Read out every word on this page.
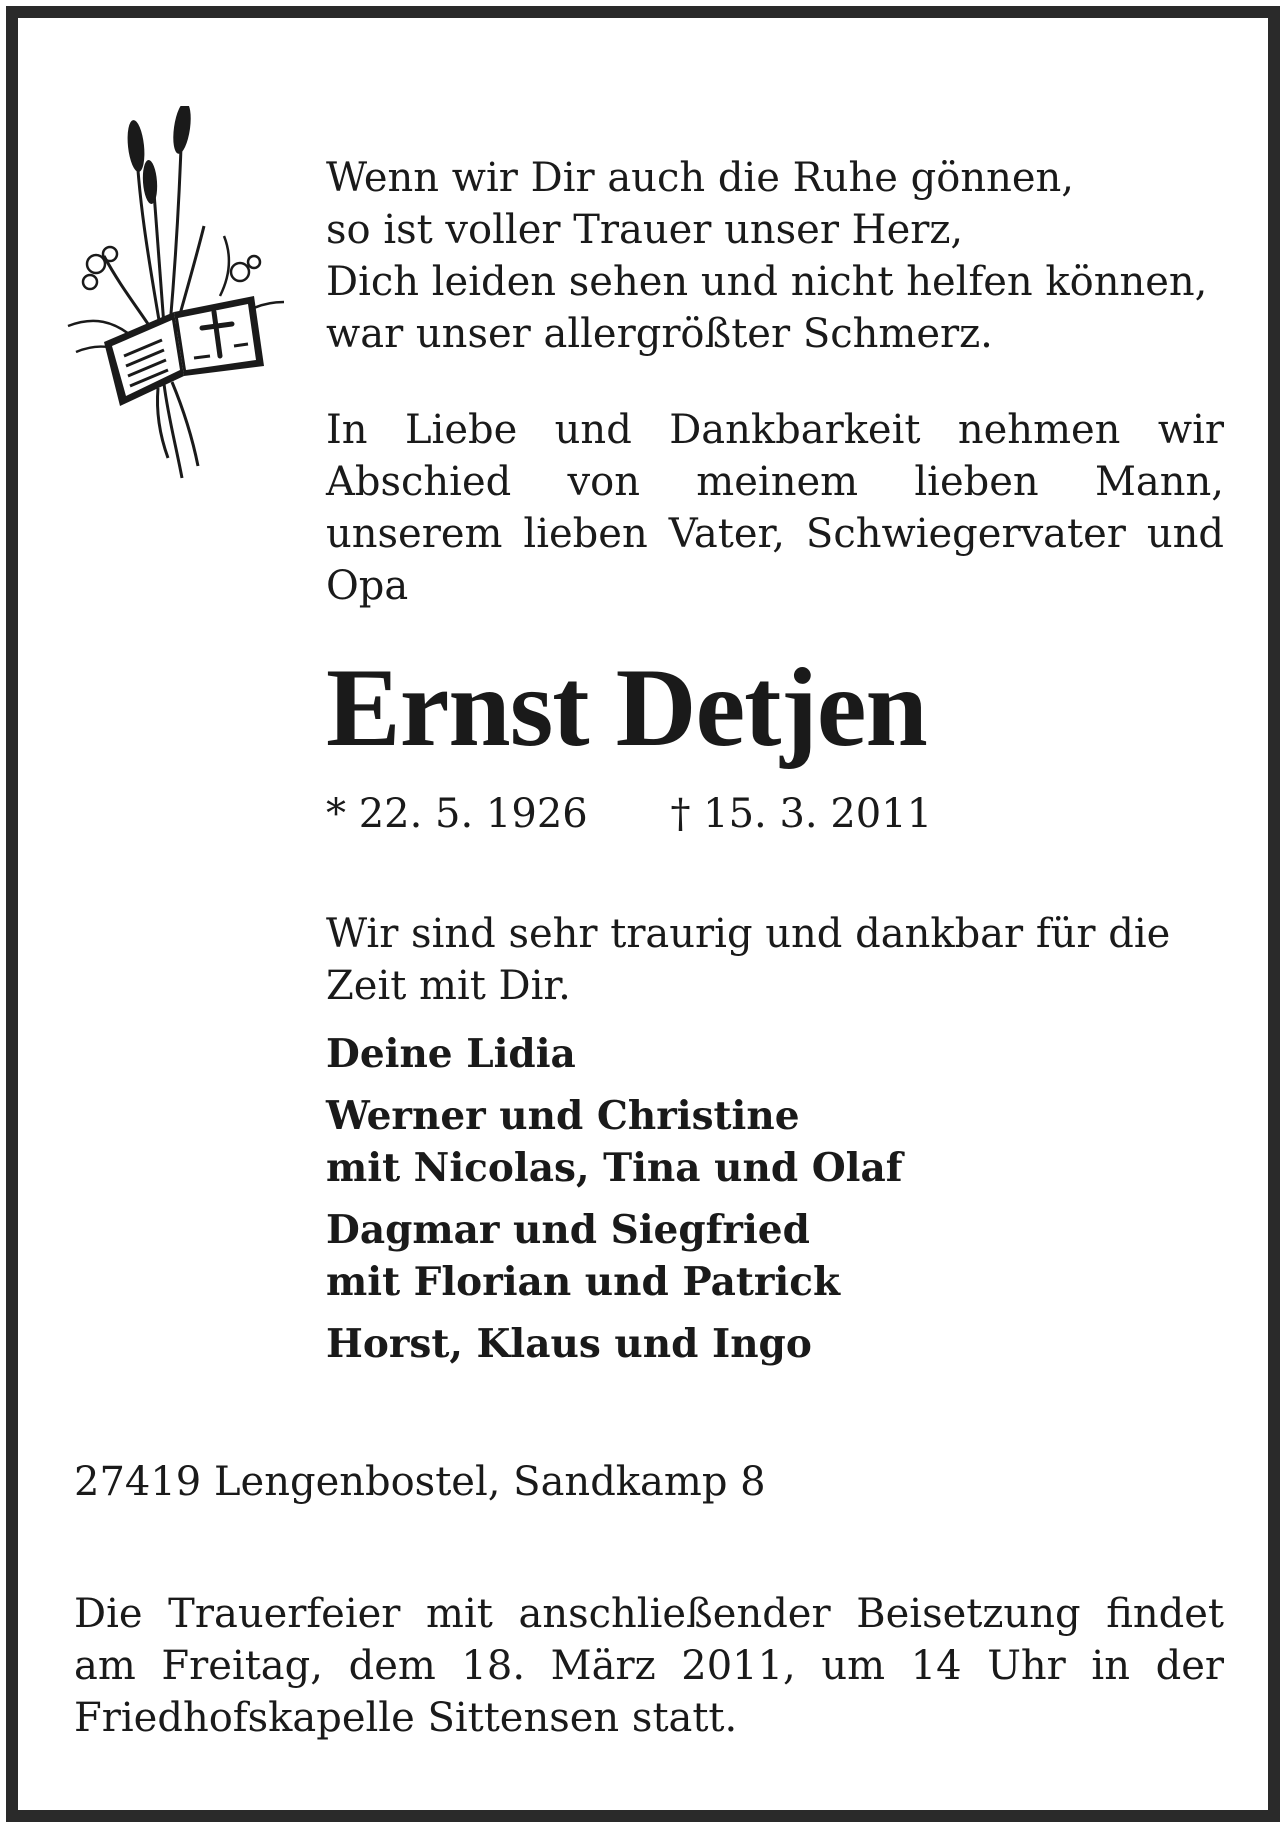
Wenn wir Dir auch die Ruhe gönnen,
so ist voller Trauer unser Herz,
Dich leiden sehen und nicht helfen können,
war unser allergrößter Schmerz.

In Liebe und Dankbarkeit nehmen wir Abschied von meinem lieben Mann, unserem lieben Vater, Schwiegervater und Opa

Ernst Detjen

* 22. 5. 1926 † 15. 3. 2011

Wir sind sehr traurig und dankbar für die Zeit mit Dir.

Deine Lidia
Werner und Christine
mit Nicolas, Tina und Olaf
Dagmar und Siegfried
mit Florian und Patrick
Horst, Klaus und Ingo

27419 Lengenbostel, Sandkamp 8

Die Trauerfeier mit anschließender Beisetzung findet am Freitag, dem 18. März 2011, um 14 Uhr in der Friedhofskapelle Sittensen statt.
